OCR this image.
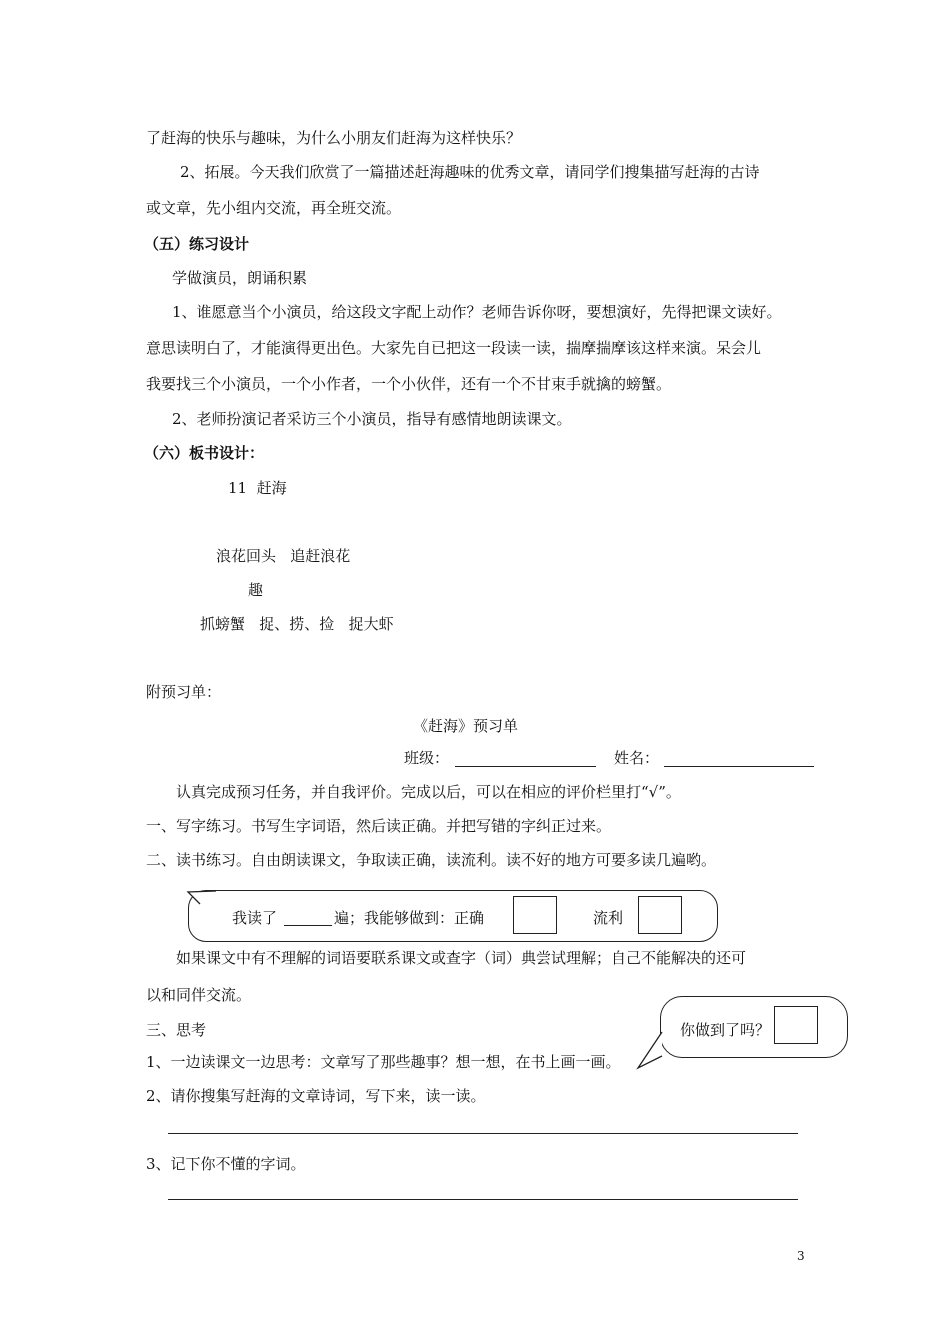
了赶海的快乐与趣味，为什么小朋友们赶海为这样快乐？
2、拓展。今天我们欣赏了一篇描述赶海趣味的优秀文章，请同学们搜集描写赶海的古诗
或文章，先小组内交流，再全班交流。
（五）练习设计
学做演员，朗诵积累
1、谁愿意当个小演员，给这段文字配上动作？老师告诉你呀，要想演好，先得把课文读好。
意思读明白了，才能演得更出色。大家先自已把这一段读一读，揣摩揣摩该这样来演。呆会儿
我要找三个小演员，一个小作者，一个小伙伴，还有一个不甘束手就擒的螃蟹。
2、老师扮演记者采访三个小演员，指导有感情地朗读课文。
（六）板书设计：
11  赶海
浪花回头   追赶浪花
趣
抓螃蟹   捉、捞、捡   捉大虾
附预习单：
《赶海》预习单
班级：	姓名：
认真完成预习任务，并自我评价。完成以后，可以在相应的评价栏里打“√”。
一、写字练习。书写生字词语，然后读正确。并把写错的字纠正过来。
二、读书练习。自由朗读课文，争取读正确，读流利。读不好的地方可要多读几遍哟。
我读了	遍；我能够做到：正确	流利
如果课文中有不理解的词语要联系课文或查字（词）典尝试理解；自己不能解决的还可
以和同伴交流。
你做到了吗？
三、思考
1、一边读课文一边思考：文章写了那些趣事？想一想，在书上画一画。
2、请你搜集写赶海的文章诗词，写下来，读一读。
3、记下你不懂的字词。
3
